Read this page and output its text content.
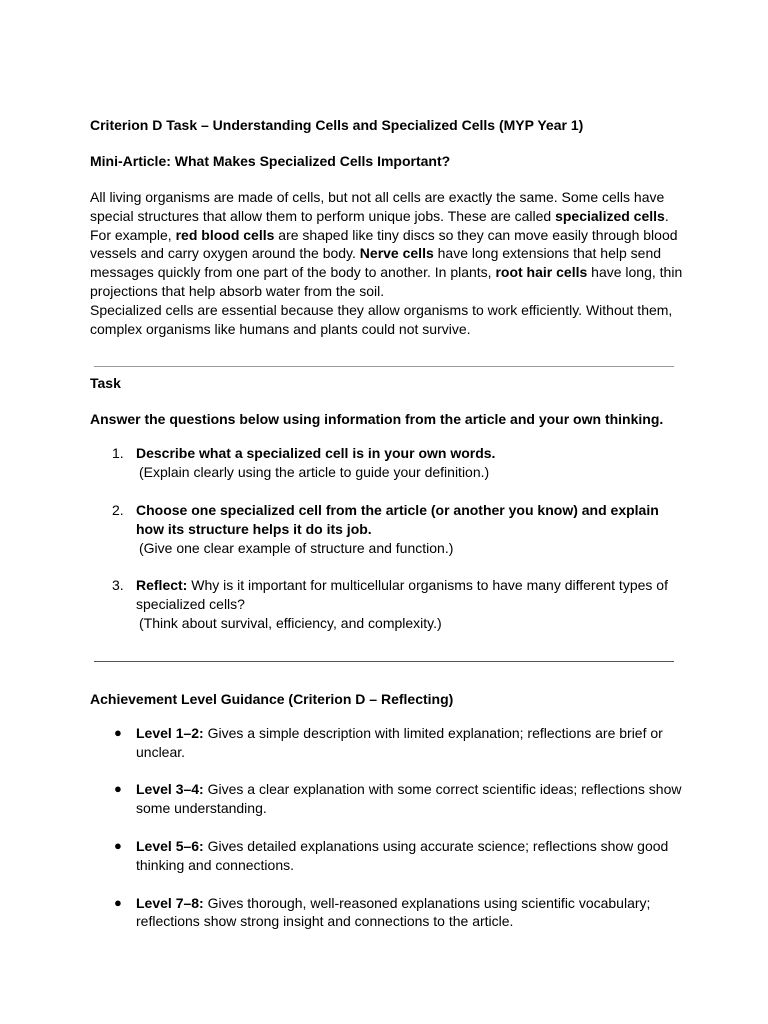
Criterion D Task – Understanding Cells and Specialized Cells (MYP Year 1)

Mini-Article: What Makes Specialized Cells Important?

All living organisms are made of cells, but not all cells are exactly the same. Some cells have special structures that allow them to perform unique jobs. These are called specialized cells.
For example, red blood cells are shaped like tiny discs so they can move easily through blood vessels and carry oxygen around the body. Nerve cells have long extensions that help send messages quickly from one part of the body to another. In plants, root hair cells have long, thin projections that help absorb water from the soil.
Specialized cells are essential because they allow organisms to work efficiently. Without them, complex organisms like humans and plants could not survive.

Task

Answer the questions below using information from the article and your own thinking.

1. Describe what a specialized cell is in your own words.
(Explain clearly using the article to guide your definition.)
2. Choose one specialized cell from the article (or another you know) and explain how its structure helps it do its job.
(Give one clear example of structure and function.)
3. Reflect: Why is it important for multicellular organisms to have many different types of specialized cells?
(Think about survival, efficiency, and complexity.)

Achievement Level Guidance (Criterion D – Reflecting)

● Level 1–2: Gives a simple description with limited explanation; reflections are brief or unclear.
● Level 3–4: Gives a clear explanation with some correct scientific ideas; reflections show some understanding.
● Level 5–6: Gives detailed explanations using accurate science; reflections show good thinking and connections.
● Level 7–8: Gives thorough, well-reasoned explanations using scientific vocabulary; reflections show strong insight and connections to the article.
